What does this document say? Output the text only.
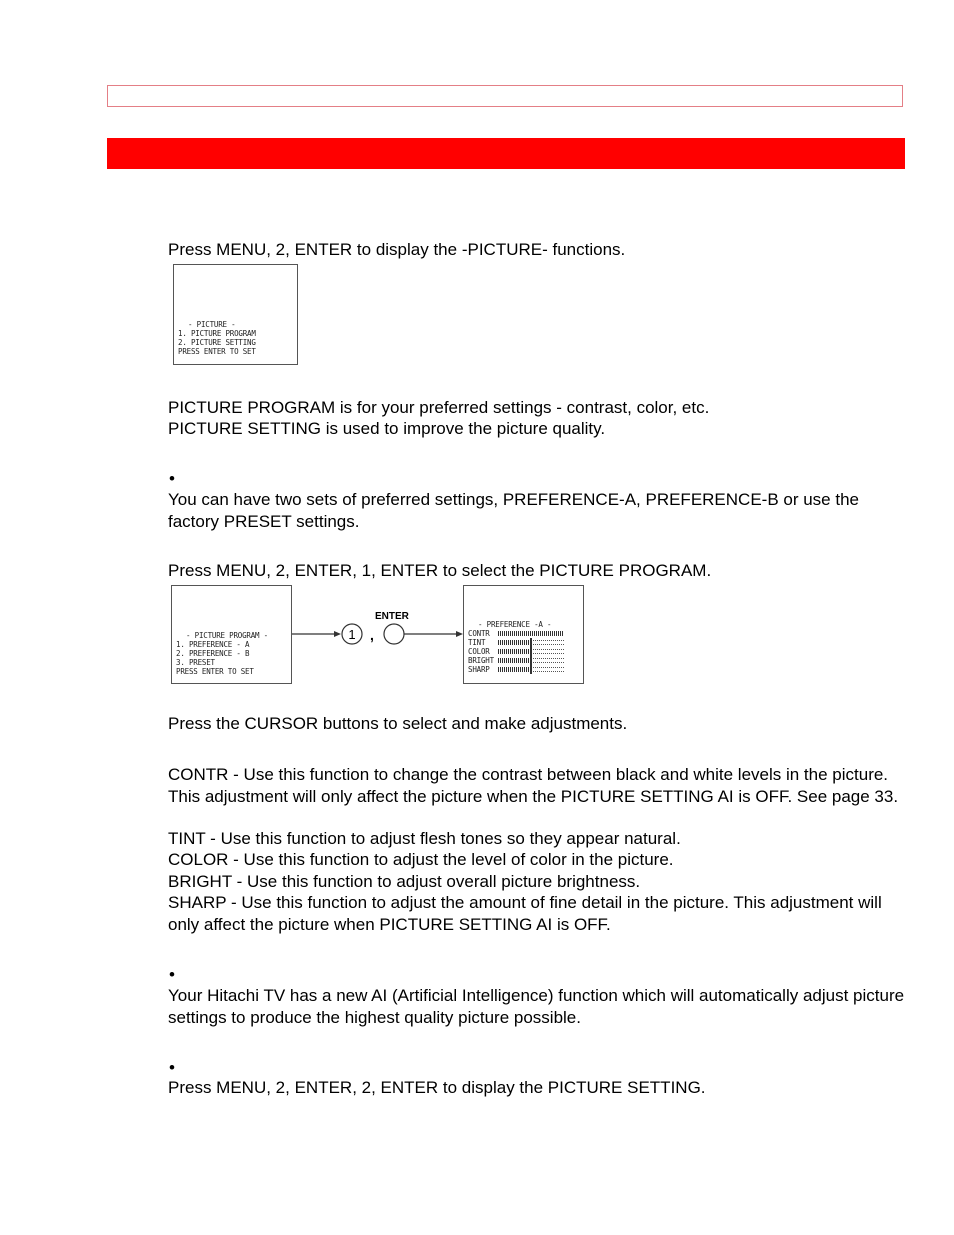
Press MENU, 2, ENTER to display the -PICTURE- functions.
- PICTURE -
1. PICTURE PROGRAM
2. PICTURE SETTING
PRESS ENTER TO SET
PICTURE PROGRAM is for your preferred settings - contrast, color, etc.
PICTURE SETTING is used to improve the picture quality.
•
You can have two sets of preferred settings, PREFERENCE-A, PREFERENCE-B or use the factory PRESET settings.
Press MENU, 2, ENTER, 1, ENTER to select the PICTURE PROGRAM.
- PICTURE PROGRAM -
1. PREFERENCE - A
2. PREFERENCE - B
3. PRESET
PRESS ENTER TO SET
1 ,
ENTER
- PREFERENCE -A -
CONTR
TINT
COLOR
BRIGHT
SHARP
Press the CURSOR buttons to select and make adjustments.
CONTR - Use this function to change the contrast between black and white levels in the picture. This adjustment will only affect the picture when the PICTURE SETTING AI is OFF. See page 33.
TINT - Use this function to adjust flesh tones so they appear natural.
COLOR - Use this function to adjust the level of color in the picture.
BRIGHT - Use this function to adjust overall picture brightness.
SHARP - Use this function to adjust the amount of fine detail in the picture. This adjustment will only affect the picture when PICTURE SETTING AI is OFF.
•
Your Hitachi TV has a new AI (Artificial Intelligence) function which will automatically adjust picture settings to produce the highest quality picture possible.
•
Press MENU, 2, ENTER, 2, ENTER to display the PICTURE SETTING.
